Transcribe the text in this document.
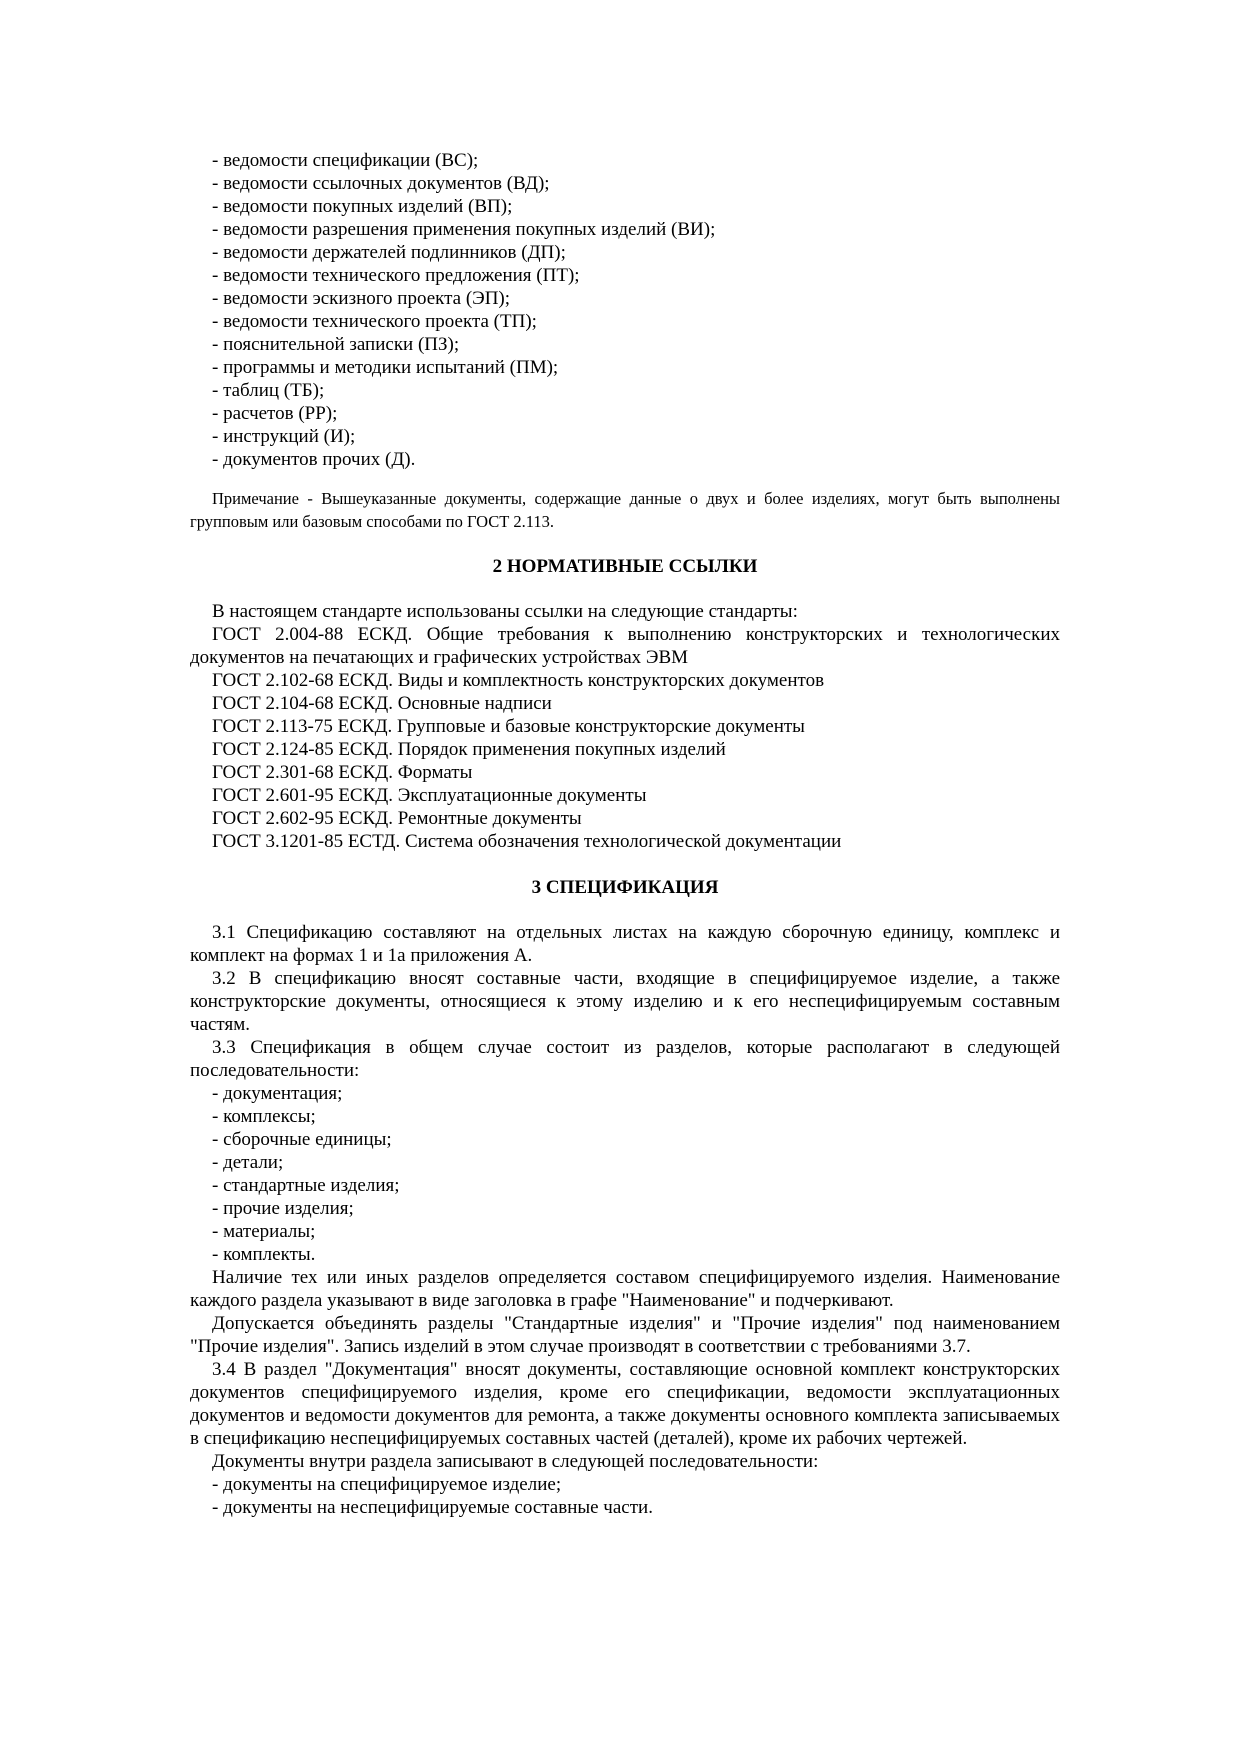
- ведомости спецификации (ВС);
- ведомости ссылочных документов (ВД);
- ведомости покупных изделий (ВП);
- ведомости разрешения применения покупных изделий (ВИ);
- ведомости держателей подлинников (ДП);
- ведомости технического предложения (ПТ);
- ведомости эскизного проекта (ЭП);
- ведомости технического проекта (ТП);
- пояснительной записки (ПЗ);
- программы и методики испытаний (ПМ);
- таблиц (ТБ);
- расчетов (РР);
- инструкций (И);
- документов прочих (Д).
Примечание - Вышеуказанные документы, содержащие данные о двух и более изделиях, могут быть выполнены групповым или базовым способами по ГОСТ 2.113.
2 НОРМАТИВНЫЕ ССЫЛКИ
В настоящем стандарте использованы ссылки на следующие стандарты:
ГОСТ 2.004-88 ЕСКД. Общие требования к выполнению конструкторских и технологических документов на печатающих и графических устройствах ЭВМ
ГОСТ 2.102-68 ЕСКД. Виды и комплектность конструкторских документов
ГОСТ 2.104-68 ЕСКД. Основные надписи
ГОСТ 2.113-75 ЕСКД. Групповые и базовые конструкторские документы
ГОСТ 2.124-85 ЕСКД. Порядок применения покупных изделий
ГОСТ 2.301-68 ЕСКД. Форматы
ГОСТ 2.601-95 ЕСКД. Эксплуатационные документы
ГОСТ 2.602-95 ЕСКД. Ремонтные документы
ГОСТ 3.1201-85 ЕСТД. Система обозначения технологической документации
3 СПЕЦИФИКАЦИЯ
3.1 Спецификацию составляют на отдельных листах на каждую сборочную единицу, комплекс и комплект на формах 1 и 1а приложения А.
3.2 В спецификацию вносят составные части, входящие в специфицируемое изделие, а также конструкторские документы, относящиеся к этому изделию и к его неспецифицируемым составным частям.
3.3 Спецификация в общем случае состоит из разделов, которые располагают в следующей последовательности:
- документация;
- комплексы;
- сборочные единицы;
- детали;
- стандартные изделия;
- прочие изделия;
- материалы;
- комплекты.
Наличие тех или иных разделов определяется составом специфицируемого изделия. Наименование каждого раздела указывают в виде заголовка в графе "Наименование" и подчеркивают.
Допускается объединять разделы "Стандартные изделия" и "Прочие изделия" под наименованием "Прочие изделия". Запись изделий в этом случае производят в соответствии с требованиями 3.7.
3.4 В раздел "Документация" вносят документы, составляющие основной комплект конструкторских документов специфицируемого изделия, кроме его спецификации, ведомости эксплуатационных документов и ведомости документов для ремонта, а также документы основного комплекта записываемых в спецификацию неспецифицируемых составных частей (деталей), кроме их рабочих чертежей.
Документы внутри раздела записывают в следующей последовательности:
- документы на специфицируемое изделие;
- документы на неспецифицируемые составные части.
